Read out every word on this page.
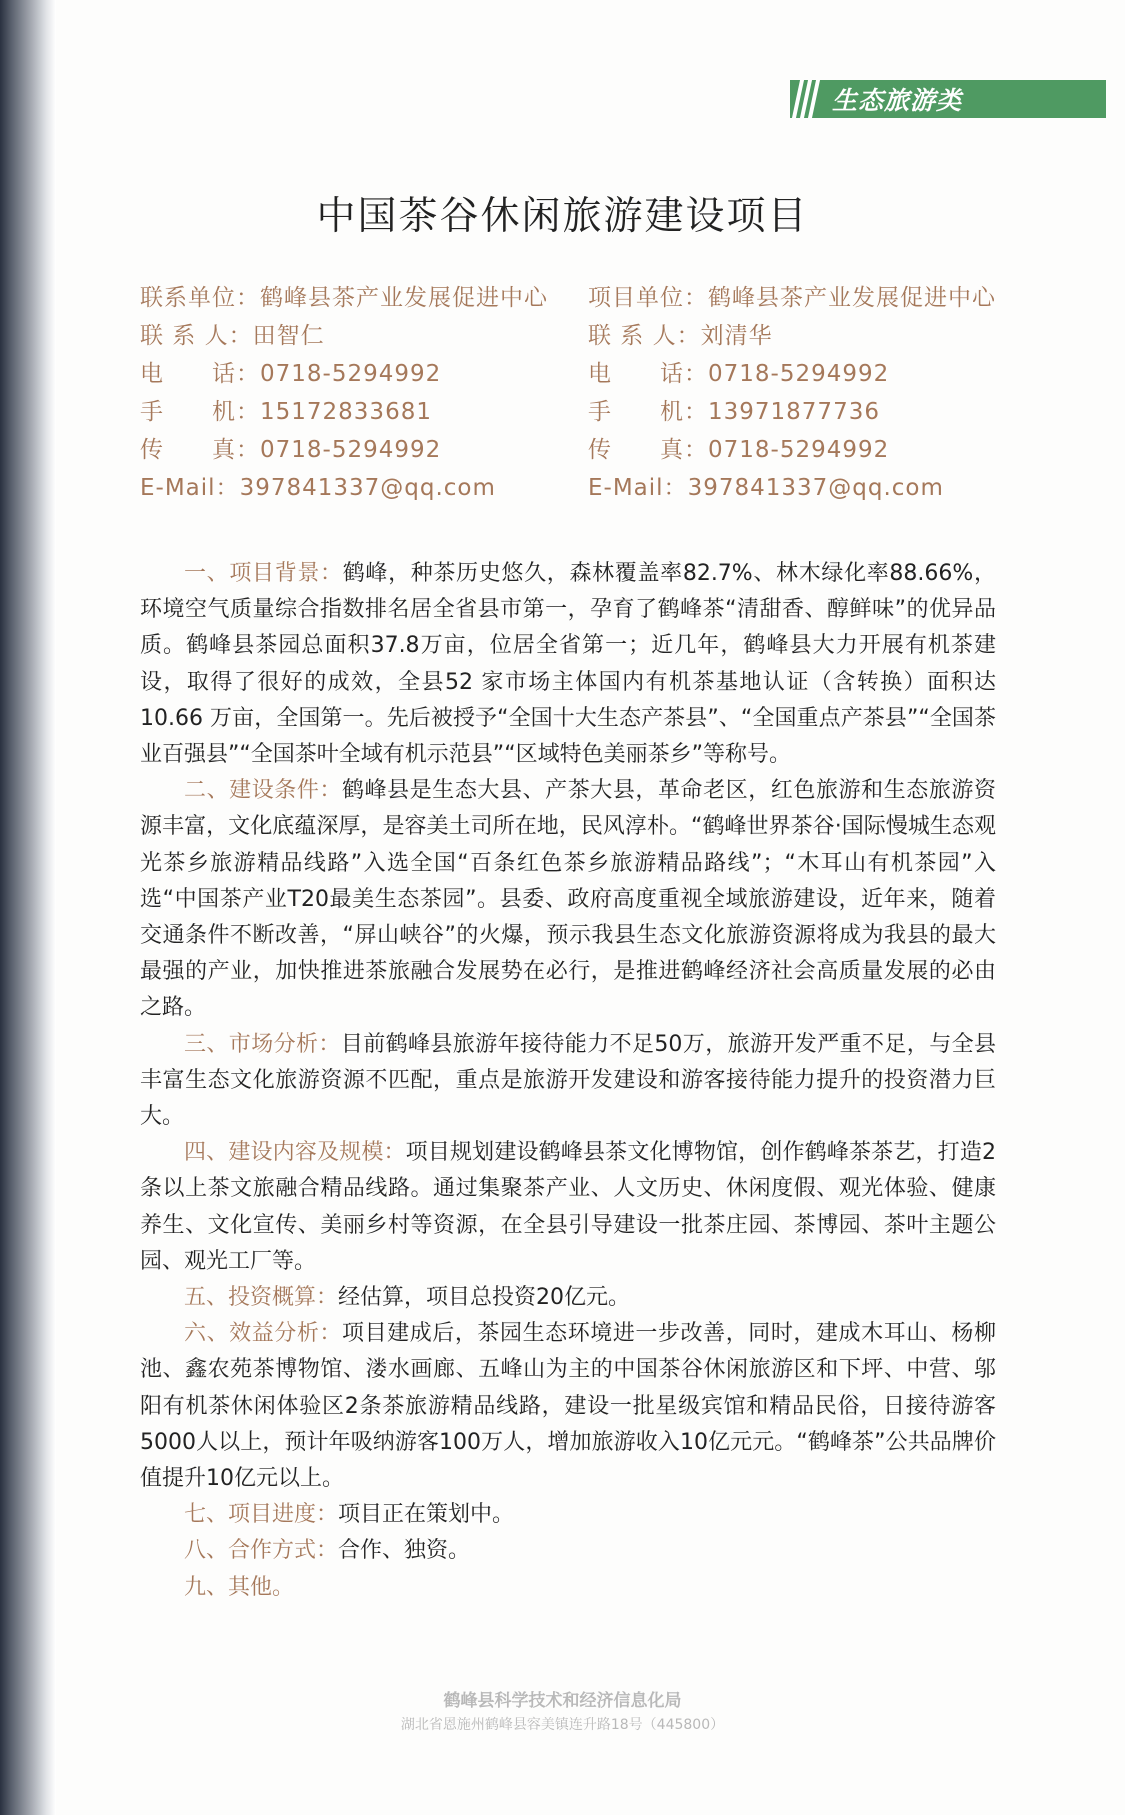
生态旅游类
中国茶谷休闲旅游建设项目
联系单位：鹤峰县茶产业发展促进中心
联 系 人：田智仁
电　　话：0718-5294992
手　　机：15172833681
传　　真：0718-5294992
E-Mail：397841337@qq.com
项目单位：鹤峰县茶产业发展促进中心
联 系 人：刘清华
电　　话：0718-5294992
手　　机：13971877736
传　　真：0718-5294992
E-Mail：397841337@qq.com

一、项目背景：鹤峰，种茶历史悠久，森林覆盖率82.7%、林木绿化率88.66%，环境空气质量综合指数排名居全省县市第一，孕育了鹤峰茶“清甜香、醇鲜味”的优异品质。鹤峰县茶园总面积37.8万亩，位居全省第一；近几年，鹤峰县大力开展有机茶建设，取得了很好的成效，全县52 家市场主体国内有机茶基地认证（含转换）面积达10.66 万亩，全国第一。先后被授予“全国十大生态产茶县”、“全国重点产茶县”“全国茶业百强县”“全国茶叶全域有机示范县”“区域特色美丽茶乡”等称号。

二、建设条件：鹤峰县是生态大县、产茶大县，革命老区，红色旅游和生态旅游资源丰富，文化底蕴深厚，是容美土司所在地，民风淳朴。“鹤峰世界茶谷·国际慢城生态观光茶乡旅游精品线路”入选全国“百条红色茶乡旅游精品路线”；“木耳山有机茶园”入选“中国茶产业T20最美生态茶园”。县委、政府高度重视全域旅游建设，近年来，随着交通条件不断改善，“屏山峡谷”的火爆，预示我县生态文化旅游资源将成为我县的最大最强的产业，加快推进茶旅融合发展势在必行，是推进鹤峰经济社会高质量发展的必由之路。

三、市场分析：目前鹤峰县旅游年接待能力不足50万，旅游开发严重不足，与全县丰富生态文化旅游资源不匹配，重点是旅游开发建设和游客接待能力提升的投资潜力巨大。

四、建设内容及规模：项目规划建设鹤峰县茶文化博物馆，创作鹤峰茶茶艺，打造2条以上茶文旅融合精品线路。通过集聚茶产业、人文历史、休闲度假、观光体验、健康养生、文化宣传、美丽乡村等资源，在全县引导建设一批茶庄园、茶博园、茶叶主题公园、观光工厂等。

五、投资概算：经估算，项目总投资20亿元。

六、效益分析：项目建成后，茶园生态环境进一步改善，同时，建成木耳山、杨柳池、鑫农苑茶博物馆、溇水画廊、五峰山为主的中国茶谷休闲旅游区和下坪、中营、邬阳有机茶休闲体验区2条茶旅游精品线路，建设一批星级宾馆和精品民俗，日接待游客5000人以上，预计年吸纳游客100万人，增加旅游收入10亿元元。“鹤峰茶”公共品牌价值提升10亿元以上。

七、项目进度：项目正在策划中。

八、合作方式：合作、独资。

九、其他。

鹤峰县科学技术和经济信息化局
湖北省恩施州鹤峰县容美镇连升路18号（445800）
